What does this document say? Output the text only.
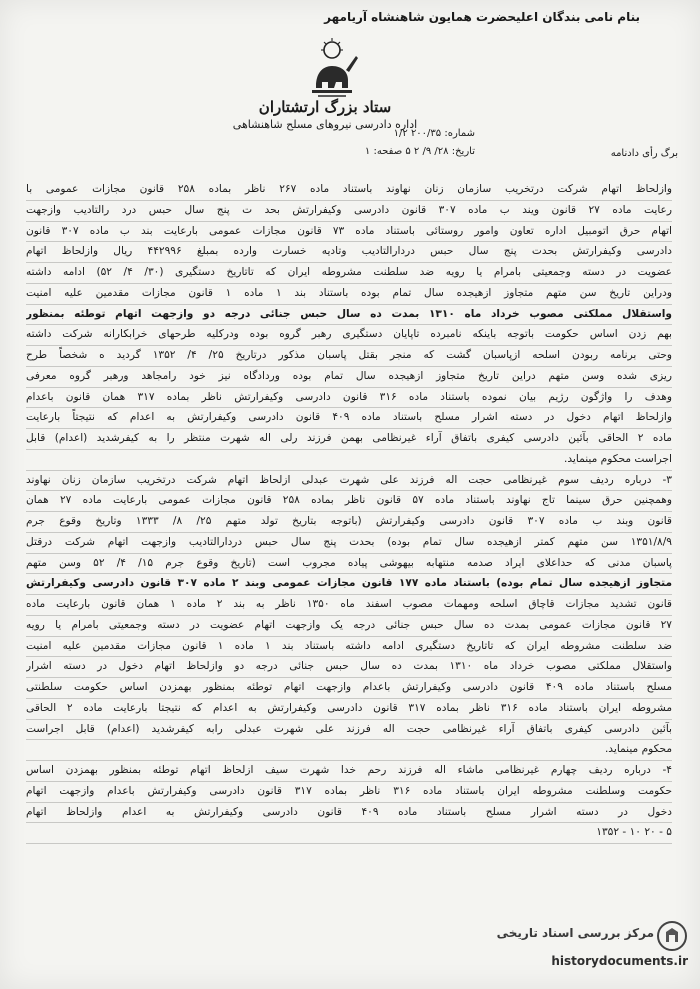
بنام نامی بندگان اعلیحضرت همایون شاهنشاه آریامهر
ستاد بزرگ ارتشتاران
اداره دادرسی نیروهای مسلح شاهنشاهی
شماره: ۲۰۰/۳۵ ۱/۲
تاریخ: ۲۸/ ۹/ ۲ ۵ صفحه: ۱	برگ رأی دادنامه
وازلحاظ اتهام شرکت درتخریب سازمان زنان نهاوند باستناد ماده ۲۶۷ ناظر بماده ۲۵۸ قانون مجازات عمومی با
رعایت ماده ۲۷ قانون ویند ب ماده ۳۰۷ قانون دادرسی وکیفرارتش بحد ت پنج سال حبس درد رالتادیب وازجهت
اتهام حرق اتومبیل اداره تعاون وامور روستائی باستناد ماده ۷۳ قانون مجازات عمومی بارعایت بند ب ماده ۳۰۷ قانون
دادرسی وکیفرارتش بحدت پنج سال حبس دردارالتادیب وتادیه خسارت وارده بمبلغ ۴۴۲۹۹۶ ریال وازلحاظ اتهام
عضویت در دسته وجمعیتی بامرام یا رویه ضد سلطنت مشروطه ایران که تاتاریخ دستگیری (۳۰/ ۴/ ۵۲) ادامه داشته
ودراین تاریخ سن متهم متجاوز ازهیجده سال تمام بوده باستناد بند ۱ ماده ۱ قانون مجازات مقدمین علیه امنیت
واستقلال مملکتی مصوب خرداد ماه ۱۳۱۰ بمدت ده سال حبس جنائی درجه دو وازجهت اتهام توطئه بمنظور
بهم زدن اساس حکومت باتوجه باینکه نامبرده تاپایان دستگیری رهبر گروه بوده ودرکلیه طرحهای خرابکارانه شرکت داشته
وحتی برنامه ربودن اسلحه ازپاسبان گشت که منجر بقتل پاسبان مذکور درتاریخ ۲۵/ ۴/ ۱۳۵۲ گردید ه شخصاً طرح
ریزی شده وسن متهم دراین تاریخ متجاوز ازهیجده سال تمام بوده وردادگاه نیز خود رامجاهد ورهبر گروه معرفی
وهدف را واژگون رژیم بیان نموده باستناد ماده ۳۱۶ قانون دادرسی وکیفرارتش ناظر بماده ۳۱۷ همان قانون باعدام
وازلحاظ اتهام دخول در دسته اشرار مسلح باستناد ماده ۴۰۹ قانون دادرسی وکیفرارتش به اعدام که نتیجتاً بارعایت
ماده ۲ الحاقی بآئین دادرسی کیفری باتفاق آراء غیرنظامی بهمن فرزند رلی اله شهرت منتظر را به کیفرشدید (اعدام) قابل
اجراست محکوم مینماید.
۳- درباره ردیف سوم غیرنظامی حجت اله فرزند علی شهرت عبدلی ازلحاظ اتهام شرکت درتخریب سازمان زنان نهاوند
وهمچنین حرق سینما تاج نهاوند باستناد ماده ۵۷ قانون ناظر بماده ۲۵۸ قانون مجازات عمومی بارعایت ماده ۲۷ همان
قانون وبند ب ماده ۳۰۷ قانون دادرسی وکیفرارتش (باتوجه بتاریخ تولد متهم ۲۵/ ۸/ ۱۳۳۳ وتاریخ وقوع جرم
۱۳۵۱/۸/۹ سن متهم کمتر ازهیجده سال تمام بوده) بحدت پنج سال حبس دردارالتادیب وازجهت اتهام شرکت درقتل
پاسبان مدنی که حداعلای ایراد صدمه منتهابه بیهوشی پیاده مجروب است (تاریخ وقوع جرم ۱۵/ ۴/ ۵۲ وسن متهم
متجاوز ازهیجده سال تمام بوده) باستناد ماده ۱۷۷ قانون مجازات عمومی وبند ۲ ماده ۳۰۷ قانون دادرسی وکیفرارتش
قانون تشدید مجازات قاچاق اسلحه ومهمات مصوب اسفند ماه ۱۳۵۰ ناظر به بند ۲ ماده ۱ همان قانون بارعایت ماده
۲۷ قانون مجازات عمومی بمدت ده سال حبس جنائی درجه یک وازجهت اتهام عضویت در دسته وجمعیتی بامرام یا رویه
ضد سلطنت مشروطه ایران که تاتاریخ دستگیری ادامه داشته باستناد بند ۱ ماده ۱ قانون مجازات مقدمین علیه امنیت
واستقلال مملکتی مصوب خرداد ماه ۱۳۱۰ بمدت ده سال حبس جنائی درجه دو وازلحاظ اتهام دخول در دسته اشرار
مسلح باستناد ماده ۴۰۹ قانون دادرسی وکیفرارتش باعدام وازجهت اتهام توطئه بمنظور بهمزدن اساس حکومت سلطنتی
مشروطه ایران باستناد ماده ۳۱۶ ناظر بماده ۳۱۷ قانون دادرسی وکیفرارتش به اعدام که نتیجتا بارعایت ماده ۲ الحاقی
بآئین دادرسی کیفری باتفاق آراء غیرنظامی حجت اله فرزند علی شهرت عبدلی رابه کیفرشدید (اعدام) قابل اجراست
محکوم مینماید.
۴- درباره ردیف چهارم غیرنظامی ماشاء اله فرزند رحم خدا شهرت سیف ازلحاظ اتهام توطئه بمنظور بهمزدن اساس
حکومت وسلطنت مشروطه ایران باستناد ماده ۳۱۶ ناظر بماده ۳۱۷ قانون دادرسی وکیفرارتش باعدام وازجهت اتهام
دخول در دسته اشرار مسلح باستناد ماده ۴۰۹ قانون دادرسی وکیفرارتش به اعدام وازلحاظ اتهام
۵ - ۲۰ ۱۰ - ۱۳۵۲
مرکز بررسی اسناد تاریخی
historydocuments.ir
